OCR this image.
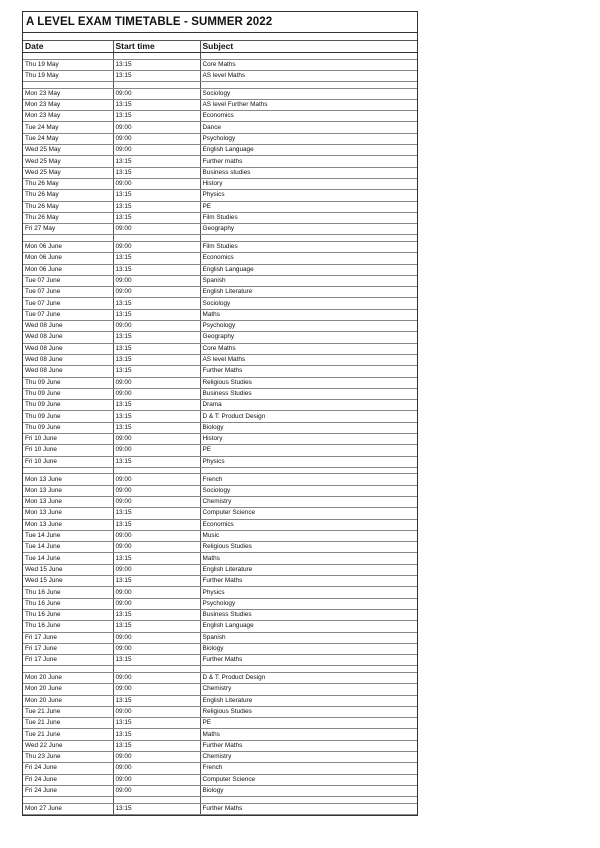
A LEVEL EXAM TIMETABLE - SUMMER 2022
Date	Start time	Subject

Thu 19 May	13:15	Core Maths
Thu 19 May	13:15	AS level Maths

Mon 23 May	09:00	Sociology
Mon 23 May	13:15	AS level Further Maths
Mon 23 May	13:15	Economics
Tue 24 May	09:00	Dance
Tue 24 May	09:00	Psychology
Wed 25 May	09:00	English Language
Wed 25 May	13:15	Further maths
Wed 25 May	13:15	Business studies
Thu 26 May	09:00	History
Thu 26 May	13:15	Physics
Thu 26 May	13:15	PE
Thu 26 May	13:15	Film Studies
Fri 27 May	09:00	Geography

Mon 06 June	09:00	Film Studies
Mon 06 June	13:15	Economics
Mon 06 June	13:15	English Language
Tue 07 June	09:00	Spanish
Tue 07 June	09:00	English Literature
Tue 07 June	13:15	Sociology
Tue 07 June	13:15	Maths
Wed 08 June	09:00	Psychology
Wed 08 June	13:15	Geography
Wed 08 June	13:15	Core Maths
Wed 08 June	13:15	AS level Maths
Wed 08 June	13:15	Further Maths
Thu 09 June	09:00	Religious Studies
Thu 09 June	09:00	Business Studies
Thu 09 June	13:15	Drama
Thu 09 June	13:15	D & T: Product Design
Thu 09 June	13:15	Biology
Fri 10 June	09:00	History
Fri 10 June	09:00	PE
Fri 10 June	13:15	Physics

Mon 13 June	09:00	French
Mon 13 June	09:00	Sociology
Mon 13 June	09:00	Chemistry
Mon 13 June	13:15	Computer Science
Mon 13 June	13:15	Economics
Tue 14 June	09:00	Music
Tue 14 June	09:00	Religious Studies
Tue 14 June	13:15	Maths
Wed 15 June	09:00	English Literature
Wed 15 June	13:15	Further Maths
Thu 16 June	09:00	Physics
Thu 16 June	09:00	Psychology
Thu 16 June	13:15	Business Studies
Thu 16 June	13:15	English Language
Fri 17 June	09:00	Spanish
Fri 17 June	09:00	Biology
Fri 17 June	13:15	Further Maths

Mon 20 June	09:00	D & T: Product Design
Mon 20 June	09:00	Chemistry
Mon 20 June	13:15	English Literature
Tue 21 June	09:00	Religious Studies
Tue 21 June	13:15	PE
Tue 21 June	13:15	Maths
Wed 22 June	13:15	Further Maths
Thu 23 June	09:00	Chemistry
Fri 24 June	09:00	French
Fri 24 June	09:00	Computer Science
Fri 24 June	09:00	Biology

Mon 27 June	13:15	Further Maths
